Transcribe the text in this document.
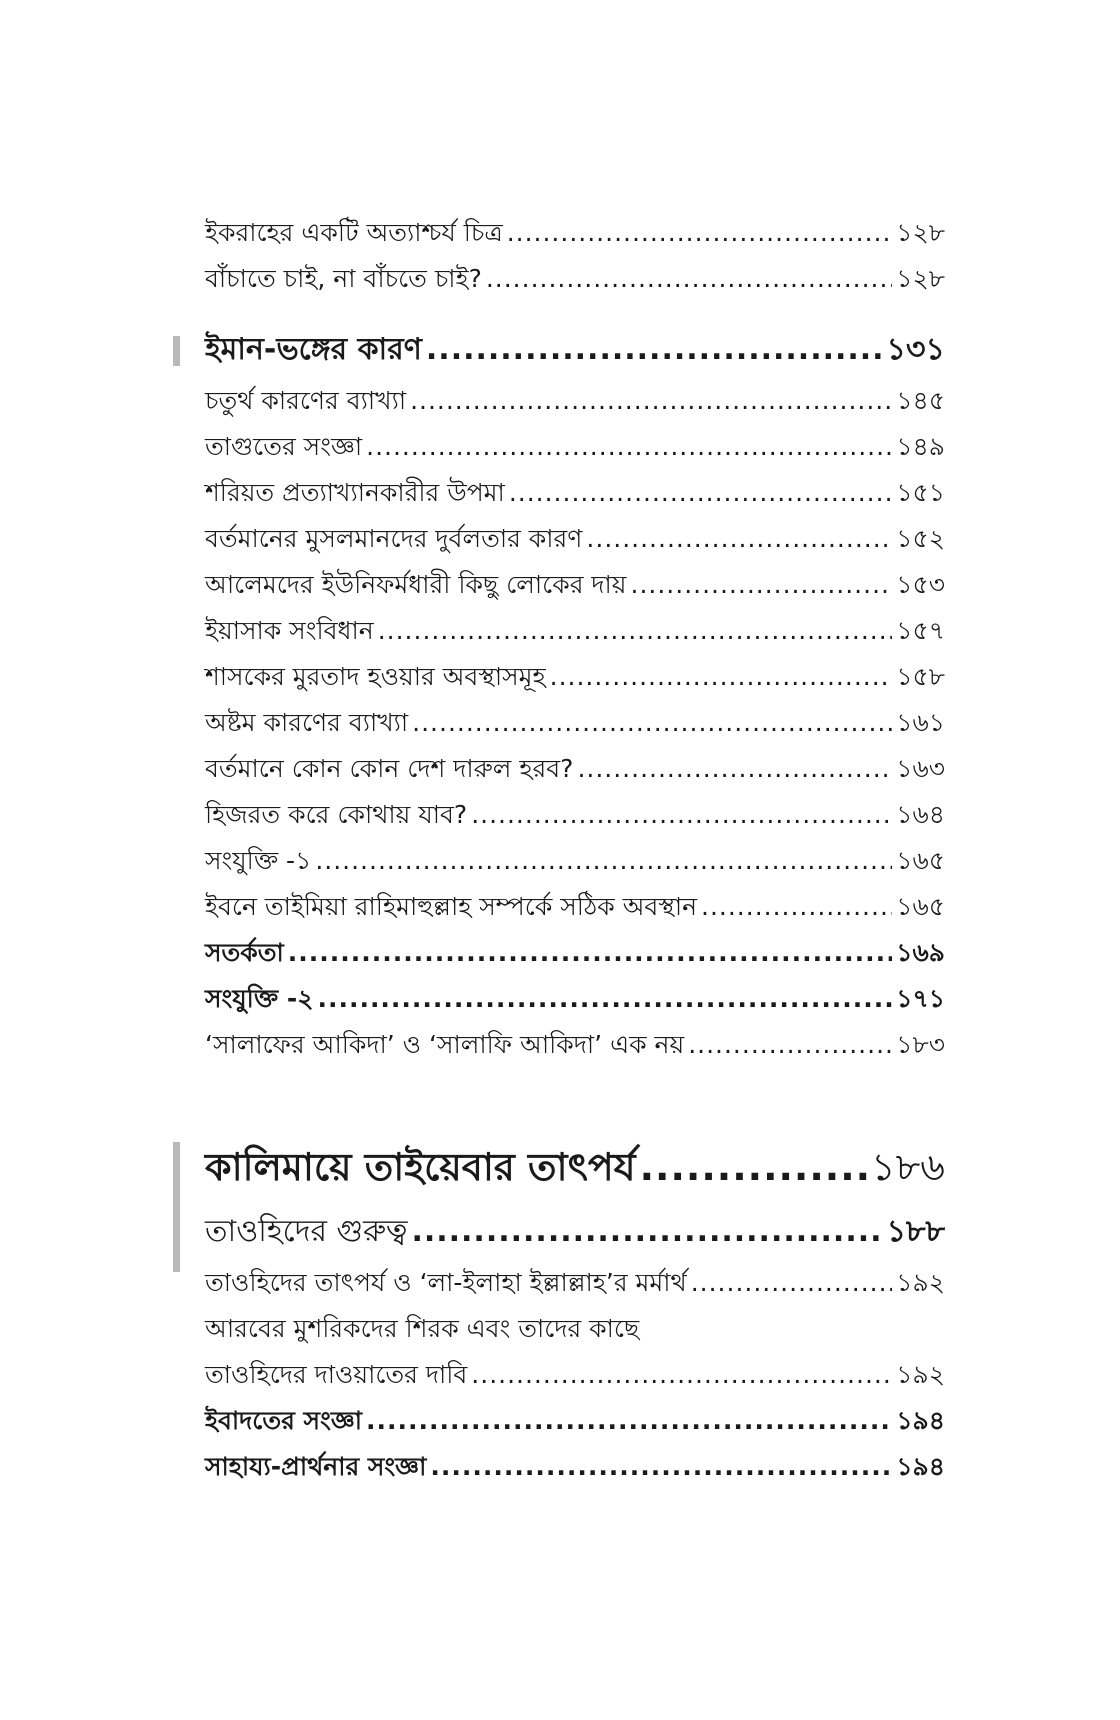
ইকরাহের একটি অত্যাশ্চর্য চিত্র .....	১২৮
বাঁচাতে চাই, না বাঁচতে চাই? .....	১২৮
ইমান-ভঙ্গের কারণ .....	১৩১
চতুর্থ কারণের ব্যাখ্যা .....	১৪৫
তাগুতের সংজ্ঞা .....	১৪৯
শরিয়ত প্রত্যাখ্যানকারীর উপমা .....	১৫১
বর্তমানের মুসলমানদের দুর্বলতার কারণ .....	১৫২
আলেমদের ইউনিফর্মধারী কিছু লোকের দায় .....	১৫৩
ইয়াসাক সংবিধান .....	১৫৭
শাসকের মুরতাদ হওয়ার অবস্থাসমূহ .....	১৫৮
অষ্টম কারণের ব্যাখ্যা .....	১৬১
বর্তমানে কোন কোন দেশ দারুল হরব? .....	১৬৩
হিজরত করে কোথায় যাব? .....	১৬৪
সংযুক্তি -১ .....	১৬৫
ইবনে তাইমিয়া রাহিমাহুল্লাহ সম্পর্কে সঠিক অবস্থান .....	১৬৫
সতর্কতা .....	১৬৯
সংযুক্তি -২ .....	১৭১
‘সালাফের আকিদা’ ও ‘সালাফি আকিদা’ এক নয় .....	১৮৩
কালিমায়ে তাইয়েবার তাৎপর্য .....	১৮৬
তাওহিদের গুরুত্ব .....	১৮৮
তাওহিদের তাৎপর্য ও ‘লা-ইলাহা ইল্লাল্লাহ’র মর্মার্থ .....	১৯২
আরবের মুশরিকদের শিরক এবং তাদের কাছে
তাওহিদের দাওয়াতের দাবি .....	১৯২
ইবাদতের সংজ্ঞা .....	১৯৪
সাহায্য-প্রার্থনার সংজ্ঞা .....	১৯৪
